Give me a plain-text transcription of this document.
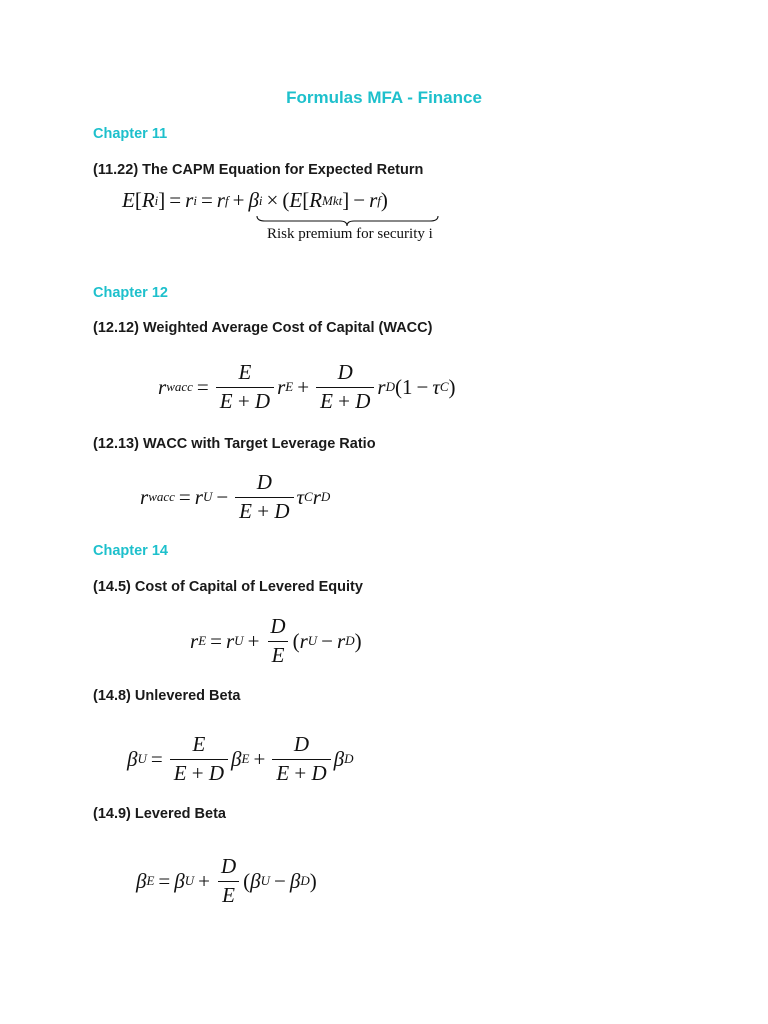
Formulas MFA - Finance
Chapter 11
(11.22) The CAPM Equation for Expected Return
E [ R i ] = r i = r f + β i × ( E [ R Mkt ] − r f )
Risk premium for security i
Chapter 12
(12.12) Weighted Average Cost of Capital (WACC)
r wacc = $\frac{E}{E + D}$ r $E + \frac{D}{E + D}$ r D (1 − τ C )
(12.13) WACC with Target Leverage Ratio
r wacc = r $U - \frac{D}{E + D}$ τ C r D
Chapter 14
(14.5) Cost of Capital of Levered Equity
r E = r $U + \frac{D}{E}$ ( r U − r D )
(14.8) Unlevered Beta
β $U = \frac{E}{E + D}$ β $E + \frac{D}{E + D}$ β D
(14.9) Levered Beta
β E = β $U + \frac{D}{E}$ ( β U − β D )
